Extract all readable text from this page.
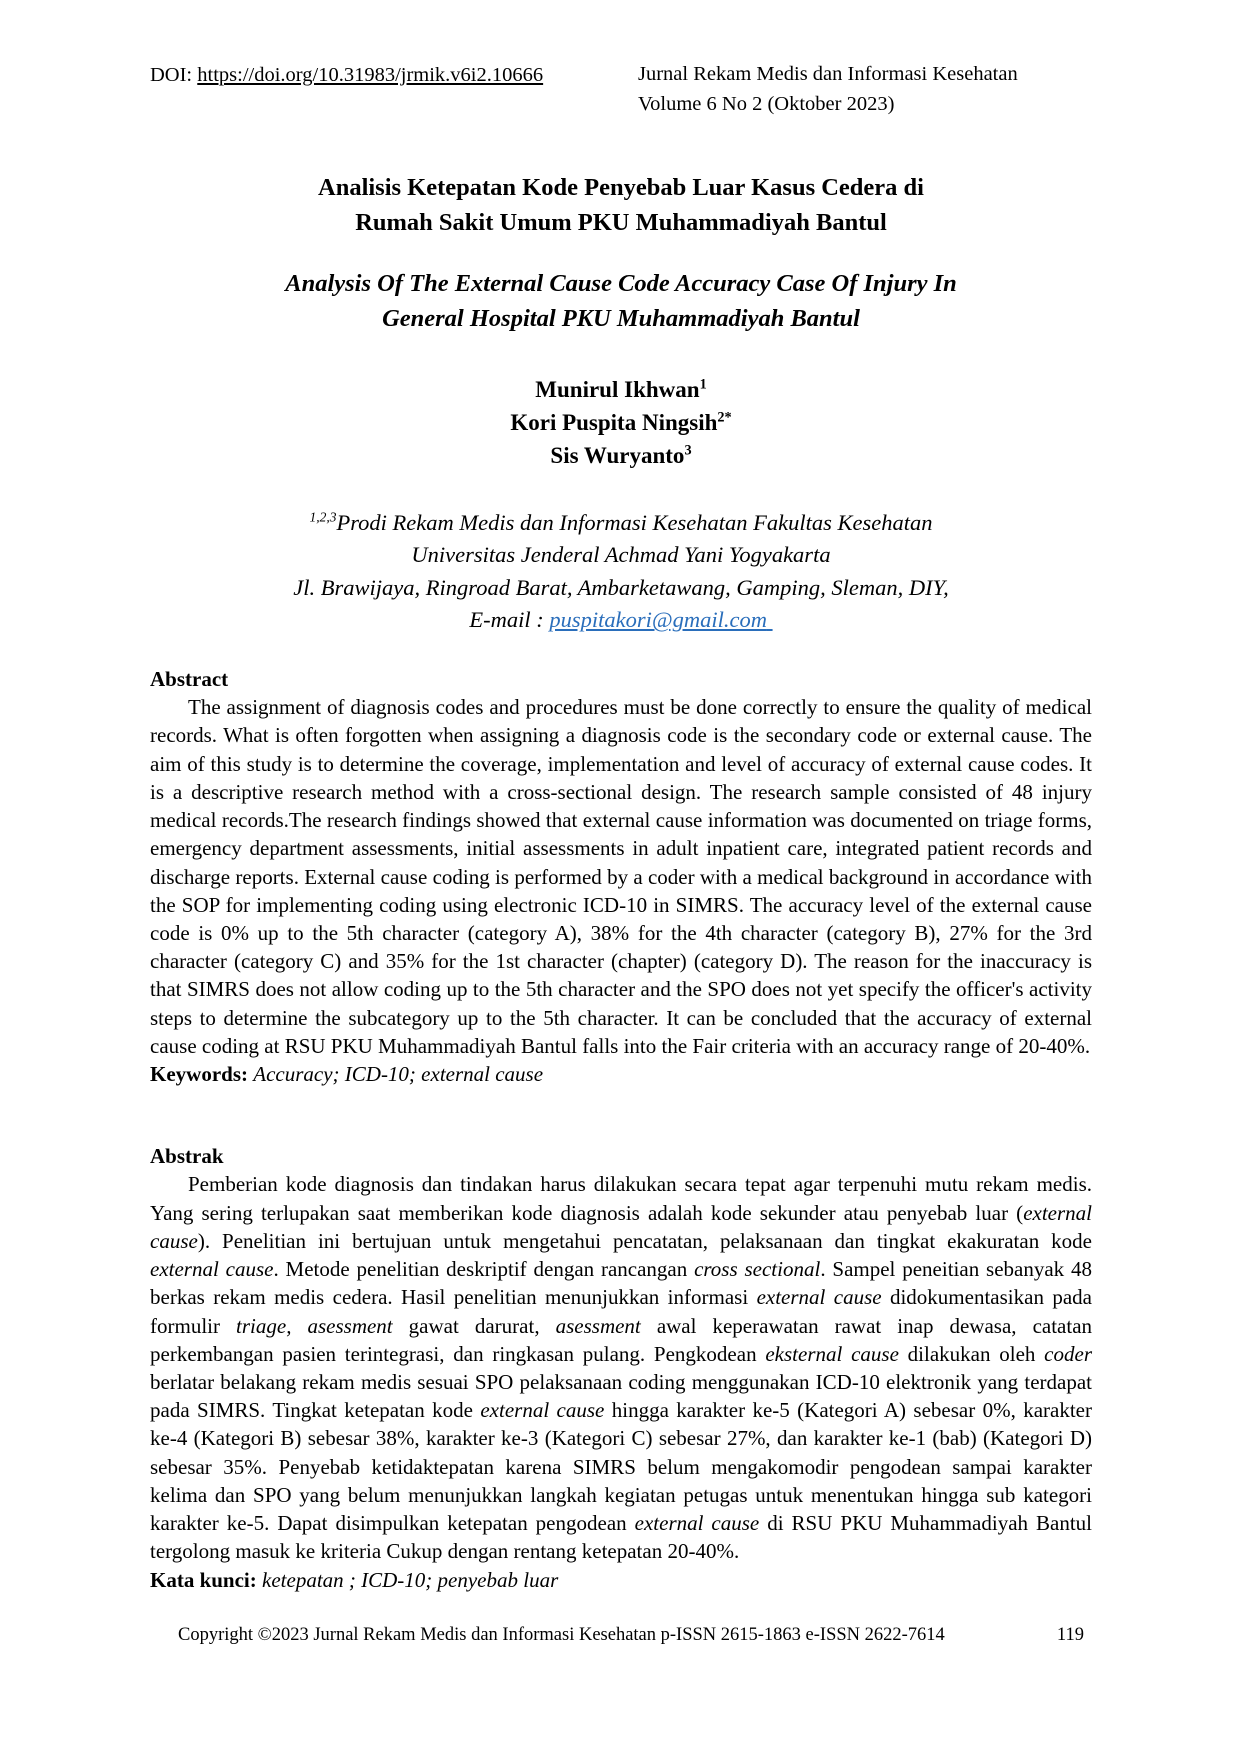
DOI: https://doi.org/10.31983/jrmik.v6i2.10666	Jurnal Rekam Medis dan Informasi Kesehatan
Volume 6 No 2 (Oktober 2023)
Analisis Ketepatan Kode Penyebab Luar Kasus Cedera di
Rumah Sakit Umum PKU Muhammadiyah Bantul
Analysis Of The External Cause Code Accuracy Case Of Injury In
General Hospital PKU Muhammadiyah Bantul
Munirul Ikhwan$^1$
Kori Puspita Ningsih$^{2*}$
Sis Wuryanto$^3$
$^{1,2,3}$Prodi Rekam Medis dan Informasi Kesehatan Fakultas Kesehatan
Universitas Jenderal Achmad Yani Yogyakarta
Jl. Brawijaya, Ringroad Barat, Ambarketawang, Gamping, Sleman, DIY,
E-mail : puspitakori@gmail.com
Abstract
The assignment of diagnosis codes and procedures must be done correctly to ensure the quality of medical records. What is often forgotten when assigning a diagnosis code is the secondary code or external cause. The aim of this study is to determine the coverage, implementation and level of accuracy of external cause codes. It is a descriptive research method with a cross-sectional design. The research sample consisted of 48 injury medical records.The research findings showed that external cause information was documented on triage forms, emergency department assessments, initial assessments in adult inpatient care, integrated patient records and discharge reports. External cause coding is performed by a coder with a medical background in accordance with the SOP for implementing coding using electronic ICD-10 in SIMRS. The accuracy level of the external cause code is 0% up to the 5th character (category A), 38% for the 4th character (category B), 27% for the 3rd character (category C) and 35% for the 1st character (chapter) (category D). The reason for the inaccuracy is that SIMRS does not allow coding up to the 5th character and the SPO does not yet specify the officer's activity steps to determine the subcategory up to the 5th character. It can be concluded that the accuracy of external cause coding at RSU PKU Muhammadiyah Bantul falls into the Fair criteria with an accuracy range of 20-40%.
Keywords: Accuracy; ICD-10; external cause
Abstrak
Pemberian kode diagnosis dan tindakan harus dilakukan secara tepat agar terpenuhi mutu rekam medis. Yang sering terlupakan saat memberikan kode diagnosis adalah kode sekunder atau penyebab luar (external cause). Penelitian ini bertujuan untuk mengetahui pencatatan, pelaksanaan dan tingkat ekakuratan kode external cause. Metode penelitian deskriptif dengan rancangan cross sectional. Sampel peneitian sebanyak 48 berkas rekam medis cedera. Hasil penelitian menunjukkan informasi external cause didokumentasikan pada formulir triage, asessment gawat darurat, asessment awal keperawatan rawat inap dewasa, catatan perkembangan pasien terintegrasi, dan ringkasan pulang. Pengkodean eksternal cause dilakukan oleh coder berlatar belakang rekam medis sesuai SPO pelaksanaan coding menggunakan ICD-10 elektronik yang terdapat pada SIMRS. Tingkat ketepatan kode external cause hingga karakter ke-5 (Kategori A) sebesar 0%, karakter ke-4 (Kategori B) sebesar 38%, karakter ke-3 (Kategori C) sebesar 27%, dan karakter ke-1 (bab) (Kategori D) sebesar 35%. Penyebab ketidaktepatan karena SIMRS belum mengakomodir pengodean sampai karakter kelima dan SPO yang belum menunjukkan langkah kegiatan petugas untuk menentukan hingga sub kategori karakter ke-5. Dapat disimpulkan ketepatan pengodean external cause di RSU PKU Muhammadiyah Bantul tergolong masuk ke kriteria Cukup dengan rentang ketepatan 20-40%.
Kata kunci: ketepatan ; ICD-10; penyebab luar
Copyright ©2023 Jurnal Rekam Medis dan Informasi Kesehatan p-ISSN 2615-1863 e-ISSN 2622-7614	119
